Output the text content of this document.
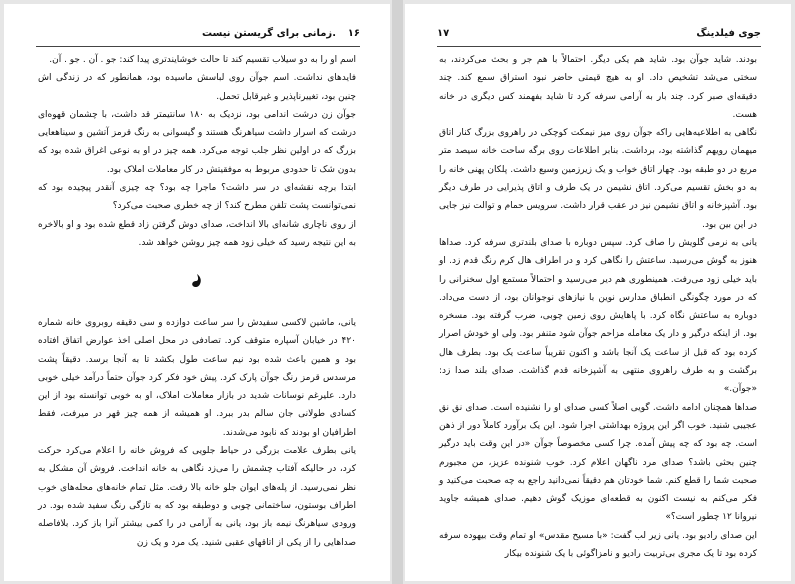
۱۶
زمانی برای گریستن نیست.

اسم او را به دو سیلاب تقسیم کند تا حالت خوشایندتری پیدا کند: جو . آن . جو . آن.

فایدهای نداشت. اسم جوآن روی لباسش ماسیده بود، همانطور که در زندگی اش چنین بود، تغییرناپذیر و غیرقابل تحمل.

جوآن زن درشت اندامی بود، نزدیک به ۱۸۰ سانتیمتر قد داشت، با چشمان قهوه‌ای درشت که اسرار داشت سیاهرنگ هستند و گیسوانی به رنگ قرمز آتشین و سیناهعایی بزرگ که در اولین نظر جلب توجه می‌کرد. همه چیز در او به نوعی اغراق شده بود که بدون شک تا حدودی مربوط به موفقیتش در کار معاملات املاک بود.

ابتدا برچه نقشه‌ای در سر داشت؟ ماجرا چه بود؟ چه چیزی آنقدر پیچیده بود که نمی‌توانست پشت تلفن مطرح کند؟ از چه خطری صحبت می‌کرد؟

از روی ناچاری شانه‌ای بالا انداخت، صدای دوش گرفتن زاد قطع شده بود و او بالاخره به این نتیجه رسید که خیلی زود همه چیز روشن خواهد شد.

یانی، ماشین لاکسی سفیدش را سر ساعت دوازده و سی دقیقه روبروی خانه شماره ۴۲۰ در خیابان آسپاره متوقف کرد. تصادفی در محل اصلی اخذ عوارض اتفاق افتاده بود و همین باعث شده بود نیم ساعت طول بکشد تا به آنجا برسد. دقیقاً پشت مرسدس قرمز رنگ جوآن پارک کرد. پیش خود فکر کرد جوآن حتماً درآمد خیلی خوبی دارد. علیرغم نوسانات شدید در بازار معاملات املاک، او به خوبی توانسته بود از این کسادی طولانی جان سالم بدر ببرد. او همیشه از همه چیز قهر در میرفت، فقط اطرافیان او بودند که نابود می‌شدند.

یانی بطرف علامت بزرگی در حیاط جلویی که فروش خانه را اعلام می‌کرد حرکت کرد، در حالیکه آفتاب چشمش را می‌زد نگاهی به خانه انداخت. فروش آن مشکل به نظر نمی‌رسید. از پله‌های ایوان جلو خانه بالا رفت. مثل تمام خانه‌های محله‌های خوب اطراف بوستون، ساختمانی چوبی و دوطبقه بود که به تازگی رنگ سفید شده بود. در ورودی سیاهرنگ نیمه باز بود، یانی به آرامی در را کمی بیشتر آنرا باز کرد. بلافاصله صداهایی را از یکی از اتاقهای عقبی شنید. یک مرد و یک زن

۱۷	جوی فیلدینگ

بودند. شاید جوآن بود. شاید هم یکی دیگر. احتمالاً با هم جر و بحث می‌کردند، به سختی می‌شد تشخیص داد. او به هیچ قیمتی حاضر نبود استراق سمع کند. چند دقیقه‌ای صبر کرد. چند بار به آرامی سرفه کرد تا شاید بفهمند کس دیگری در خانه هست.

نگاهی به اطلاعیه‌هایی راکه جوآن روی میز نیمکت کوچکی در راهروی بزرگ کنار اتاق میهمان رویهم گذاشته بود، برداشت. بنابر اطلاعات روی برگه ساحت خانه سیصد متر مربع در دو طبقه بود. چهار اتاق خواب و یک زیرزمین وسیع داشت. پلکان پهنی خانه را به دو بخش تقسیم می‌کرد. اتاق نشیمن در یک طرف و اتاق پذیرایی در طرف دیگر بود. آشپزخانه و اتاق نشیمن نیز در عقب قرار داشت. سرویس حمام و توالت نیز جایی در این بین بود.

یانی به نرمی گلویش را صاف کرد. سپس دوباره با صدای بلندتری سرفه کرد. صداها هنوز به گوش می‌رسید. ساعتش را نگاهی کرد و در اطراف هال کرم رنگ قدم زد. او باید خیلی زود می‌رفت. همینطوری هم دیر می‌رسید و احتمالاً مستمع اول سخنرانی را که در مورد چگونگی انطباق مدارس نوین با نیازهای نوجوانان بود، از دست می‌داد. دوباره به ساعتش نگاه کرد. با پاهایش روی زمین چوبی، ضرب گرفته بود. مسخره بود. از اینکه درگیر و دار یک معامله مزاحم جوآن شود متنفر بود. ولی او خودش اصرار کرده بود که قبل از ساعت یک آنجا باشد و اکنون تقریباً ساعت یک بود. بطرف هال برگشت و به طرف راهروی منتهی به آشپزخانه قدم گذاشت. صدای بلند صدا زد: «جوآن.»

صداها همچنان ادامه داشت. گویی اصلاً کسی صدای او را نشنیده است. صدای نق نق عجیبی شنید. خوب اگر این پروژه بهداشتی اجرا شود. این یک برآورد کاملاً دور از ذهن است. چه بود که چه پیش آمده. چرا کسی مخصوصاً جوآن «در این وقت باید درگیر چنین بحثی باشد؟ صدای مرد ناگهان اعلام کرد. خوب شنونده عزیز، من مجبورم صحبت شما را قطع کنم. شما خودتان هم دقیقاً نمی‌دانید راجع به چه صحبت می‌کنید و فکر می‌کنم به نیست اکنون به قطعه‌ای موزیک گوش دهیم. صدای همیشه جاوید نیروانا ۱۲ چطور است؟»

این صدای رادیو بود. یانی زیر لب گفت: «با مسیح مقدس» او تمام وقت بیهوده سرفه کرده بود تا یک مجری بی‌تربیت رادیو و نامزاگوئی با یک شنونده بیکار
